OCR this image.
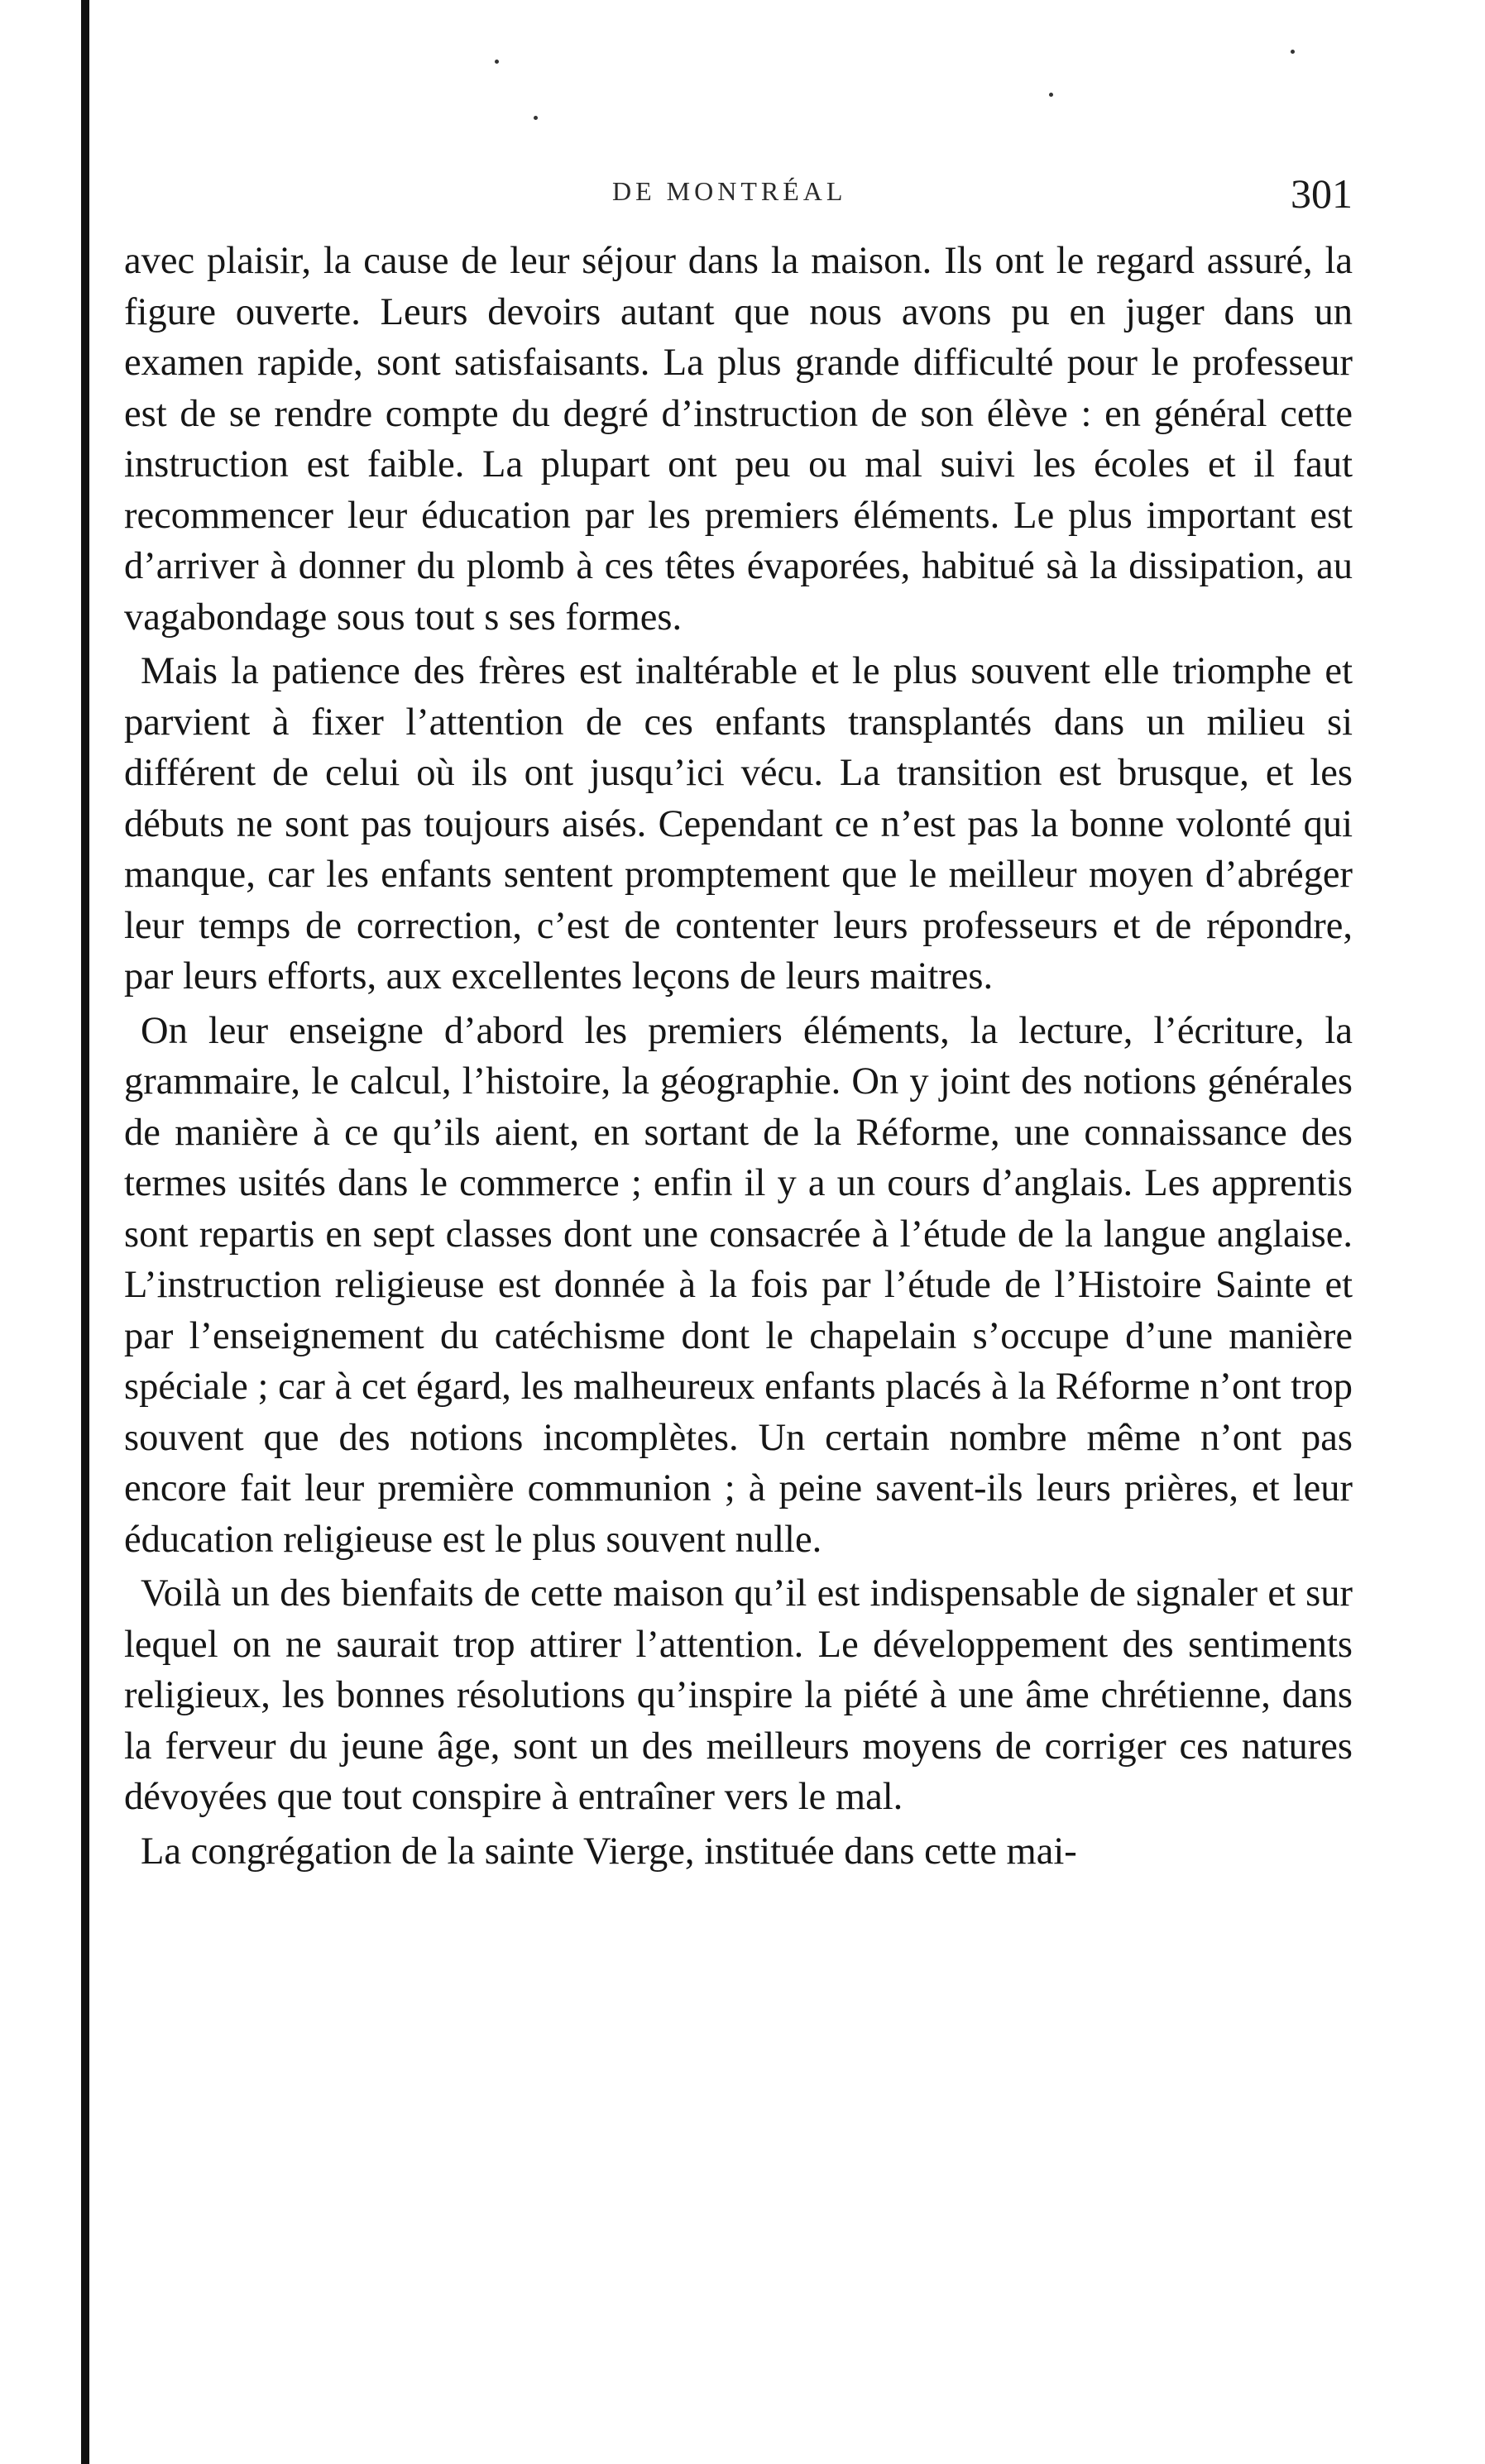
DE MONTRÉAL	301

avec plaisir, la cause de leur séjour dans la maison. Ils ont le regard assuré, la figure ouverte. Leurs devoirs autant que nous avons pu en juger dans un examen rapide, sont satisfaisants. La plus grande difficulté pour le professeur est de se rendre compte du degré d’instruction de son élève : en général cette instruction est faible. La plupart ont peu ou mal suivi les écoles et il faut recommencer leur éducation par les premiers éléments. Le plus important est d’arriver à donner du plomb à ces têtes évaporées, habitué sà la dissipation, au vagabondage sous tout s ses formes.

Mais la patience des frères est inaltérable et le plus souvent elle triomphe et parvient à fixer l’attention de ces enfants transplantés dans un milieu si différent de celui où ils ont jusqu’ici vécu. La transition est brusque, et les débuts ne sont pas toujours aisés. Cependant ce n’est pas la bonne volonté qui manque, car les enfants sentent promptement que le meilleur moyen d’abréger leur temps de correction, c’est de contenter leurs professeurs et de répondre, par leurs efforts, aux excellentes leçons de leurs maitres.

On leur enseigne d’abord les premiers éléments, la lecture, l’écriture, la grammaire, le calcul, l’histoire, la géographie. On y joint des notions générales de manière à ce qu’ils aient, en sortant de la Réforme, une connaissance des termes usités dans le commerce ; enfin il y a un cours d’anglais. Les apprentis sont repartis en sept classes dont une consacrée à l’étude de la langue anglaise. L’instruction religieuse est donnée à la fois par l’étude de l’Histoire Sainte et par l’enseignement du catéchisme dont le chapelain s’occupe d’une manière spéciale ; car à cet égard, les malheureux enfants placés à la Réforme n’ont trop souvent que des notions incomplètes. Un certain nombre même n’ont pas encore fait leur première communion ; à peine savent-ils leurs prières, et leur éducation religieuse est le plus souvent nulle.

Voilà un des bienfaits de cette maison qu’il est indispensable de signaler et sur lequel on ne saurait trop attirer l’attention. Le développement des sentiments religieux, les bonnes résolutions qu’inspire la piété à une âme chrétienne, dans la ferveur du jeune âge, sont un des meilleurs moyens de corriger ces natures dévoyées que tout conspire à entraîner vers le mal.

La congrégation de la sainte Vierge, instituée dans cette mai-
